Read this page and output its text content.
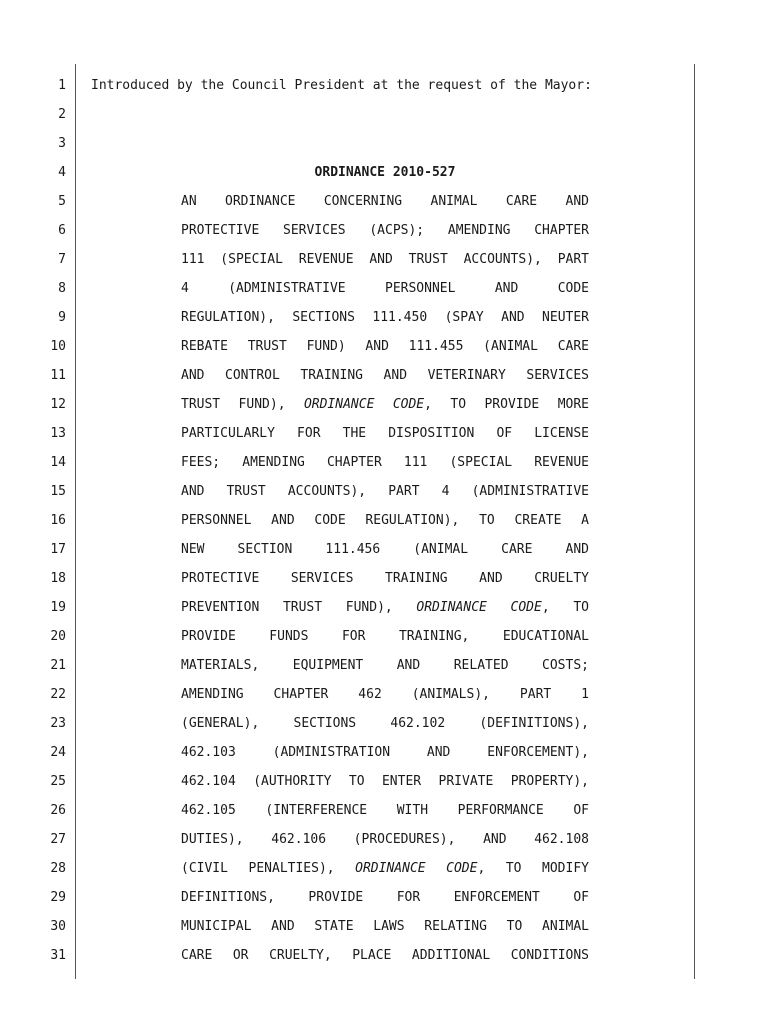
1 Introduced by the Council President at the request of the Mayor:
2
3
4	ORDINANCE 2010-527
5	AN ORDINANCE CONCERNING ANIMAL CARE AND
6	PROTECTIVE SERVICES (ACPS); AMENDING CHAPTER
7	111 (SPECIAL REVENUE AND TRUST ACCOUNTS), PART
8	4 (ADMINISTRATIVE PERSONNEL AND CODE
9	REGULATION), SECTIONS 111.450 (SPAY AND NEUTER
10	REBATE TRUST FUND) AND 111.455 (ANIMAL CARE
11	AND CONTROL TRAINING AND VETERINARY SERVICES
12	TRUST FUND), ORDINANCE CODE, TO PROVIDE MORE
13	PARTICULARLY FOR THE DISPOSITION OF LICENSE
14	FEES; AMENDING CHAPTER 111 (SPECIAL REVENUE
15	AND TRUST ACCOUNTS), PART 4 (ADMINISTRATIVE
16	PERSONNEL AND CODE REGULATION), TO CREATE A
17	NEW SECTION 111.456 (ANIMAL CARE AND
18	PROTECTIVE SERVICES TRAINING AND CRUELTY
19	PREVENTION TRUST FUND), ORDINANCE CODE, TO
20	PROVIDE FUNDS FOR TRAINING, EDUCATIONAL
21	MATERIALS, EQUIPMENT AND RELATED COSTS;
22	AMENDING CHAPTER 462 (ANIMALS), PART 1
23	(GENERAL), SECTIONS 462.102 (DEFINITIONS),
24	462.103 (ADMINISTRATION AND ENFORCEMENT),
25	462.104 (AUTHORITY TO ENTER PRIVATE PROPERTY),
26	462.105 (INTERFERENCE WITH PERFORMANCE OF
27	DUTIES), 462.106 (PROCEDURES), AND 462.108
28	(CIVIL PENALTIES), ORDINANCE CODE, TO MODIFY
29	DEFINITIONS, PROVIDE FOR ENFORCEMENT OF
30	MUNICIPAL AND STATE LAWS RELATING TO ANIMAL
31	CARE OR CRUELTY, PLACE ADDITIONAL CONDITIONS
